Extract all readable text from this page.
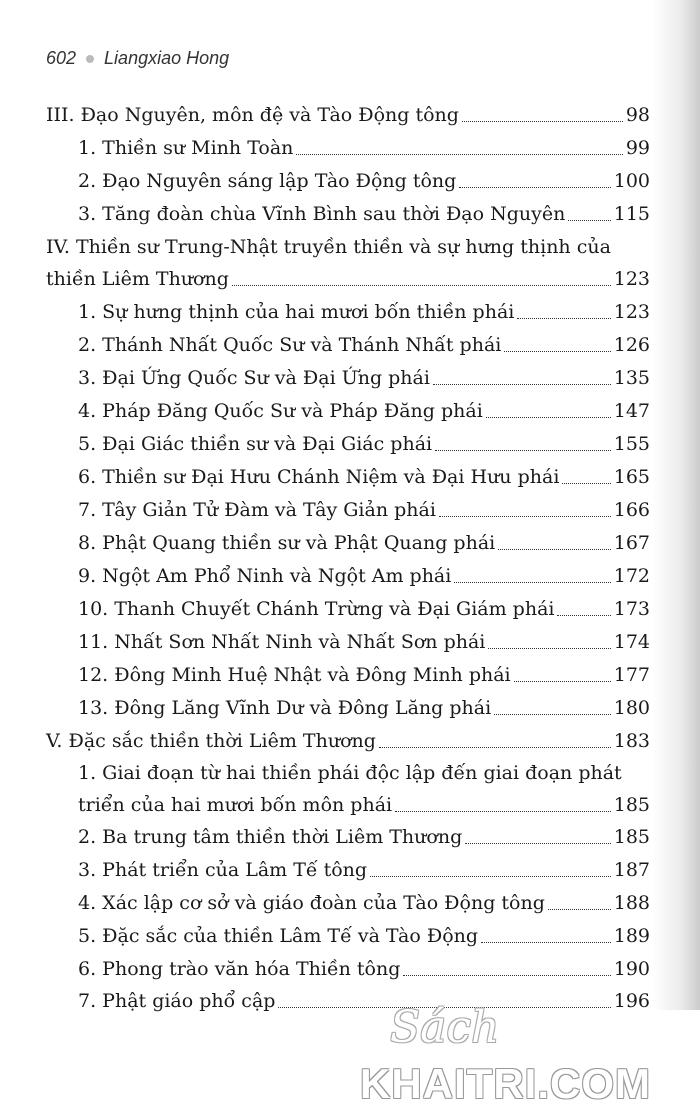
602 Liangxiao Hong
III. Đạo Nguyên, môn đệ và Tào Động tông	98
1. Thiền sư Minh Toàn	99
2. Đạo Nguyên sáng lập Tào Động tông	100
3. Tăng đoàn chùa Vĩnh Bình sau thời Đạo Nguyên	115
IV. Thiền sư Trung-Nhật truyền thiền và sự hưng thịnh của
thiền Liêm Thương	123
1. Sự hưng thịnh của hai mươi bốn thiền phái	123
2. Thánh Nhất Quốc Sư và Thánh Nhất phái	126
3. Đại Ứng Quốc Sư và Đại Ứng phái	135
4. Pháp Đăng Quốc Sư và Pháp Đăng phái	147
5. Đại Giác thiền sư và Đại Giác phái	155
6. Thiền sư Đại Hưu Chánh Niệm và Đại Hưu phái	165
7. Tây Giản Tử Đàm và Tây Giản phái	166
8. Phật Quang thiền sư và Phật Quang phái	167
9. Ngột Am Phổ Ninh và Ngột Am phái	172
10. Thanh Chuyết Chánh Trừng và Đại Giám phái	173
11. Nhất Sơn Nhất Ninh và Nhất Sơn phái	174
12. Đông Minh Huệ Nhật và Đông Minh phái	177
13. Đông Lăng Vĩnh Dư và Đông Lăng phái	180
V. Đặc sắc thiền thời Liêm Thương	183
1. Giai đoạn từ hai thiền phái độc lập đến giai đoạn phát
triển của hai mươi bốn môn phái	185
2. Ba trung tâm thiền thời Liêm Thương	185
3. Phát triển của Lâm Tế tông	187
4. Xác lập cơ sở và giáo đoàn của Tào Động tông	188
5. Đặc sắc của thiền Lâm Tế và Tào Động	189
6. Phong trào văn hóa Thiền tông	190
7. Phật giáo phổ cập	196
Sách
KHAITRI.COM
